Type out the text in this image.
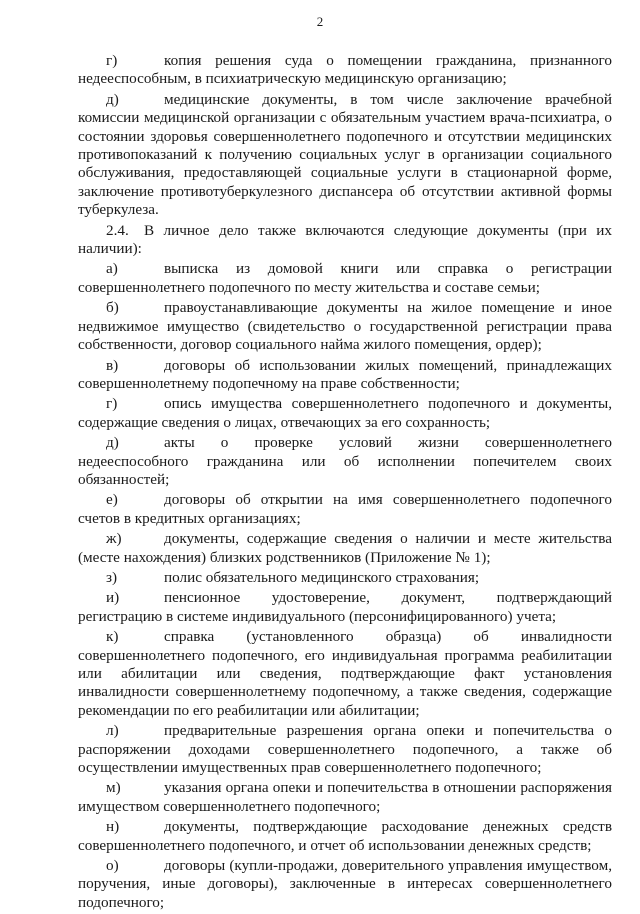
2

г)	копия решения суда о помещении гражданина, признанного недееспособным, в психиатрическую медицинскую организацию;

д)	медицинские документы, в том числе заключение врачебной комиссии медицинской организации с обязательным участием врача-психиатра, о состоянии здоровья совершеннолетнего подопечного и отсутствии медицинских противопоказаний к получению социальных услуг в организации социального обслуживания, предоставляющей социальные услуги в стационарной форме, заключение противотуберкулезного диспансера об отсутствии активной формы туберкулеза.

2.4. В личное дело также включаются следующие документы (при их наличии):

а)	выписка из домовой книги или справка о регистрации совершеннолетнего подопечного по месту жительства и составе семьи;

б)	правоустанавливающие документы на жилое помещение и иное недвижимое имущество (свидетельство о государственной регистрации права собственности, договор социального найма жилого помещения, ордер);

в)	договоры об использовании жилых помещений, принадлежащих совершеннолетнему подопечному на праве собственности;

г)	опись имущества совершеннолетнего подопечного и документы, содержащие сведения о лицах, отвечающих за его сохранность;

д)	акты о проверке условий жизни совершеннолетнего недееспособного гражданина или об исполнении попечителем своих обязанностей;

е)	договоры об открытии на имя совершеннолетнего подопечного счетов в кредитных организациях;

ж)	документы, содержащие сведения о наличии и месте жительства (месте нахождения) близких родственников (Приложение № 1);

з)	полис обязательного медицинского страхования;

и)	пенсионное удостоверение, документ, подтверждающий регистрацию в системе индивидуального (персонифицированного) учета;

к)	справка (установленного образца) об инвалидности совершеннолетнего подопечного, его индивидуальная программа реабилитации или абилитации или сведения, подтверждающие факт установления инвалидности совершеннолетнему подопечному, а также сведения, содержащие рекомендации по его реабилитации или абилитации;

л)	предварительные разрешения органа опеки и попечительства о распоряжении доходами совершеннолетнего подопечного, а также об осуществлении имущественных прав совершеннолетнего подопечного;

м)	указания органа опеки и попечительства в отношении распоряжения имуществом совершеннолетнего подопечного;

н)	документы, подтверждающие расходование денежных средств совершеннолетнего подопечного, и отчет об использовании денежных средств;

о)	договоры (купли-продажи, доверительного управления имуществом, поручения, иные договоры), заключенные в интересах совершеннолетнего подопечного;
